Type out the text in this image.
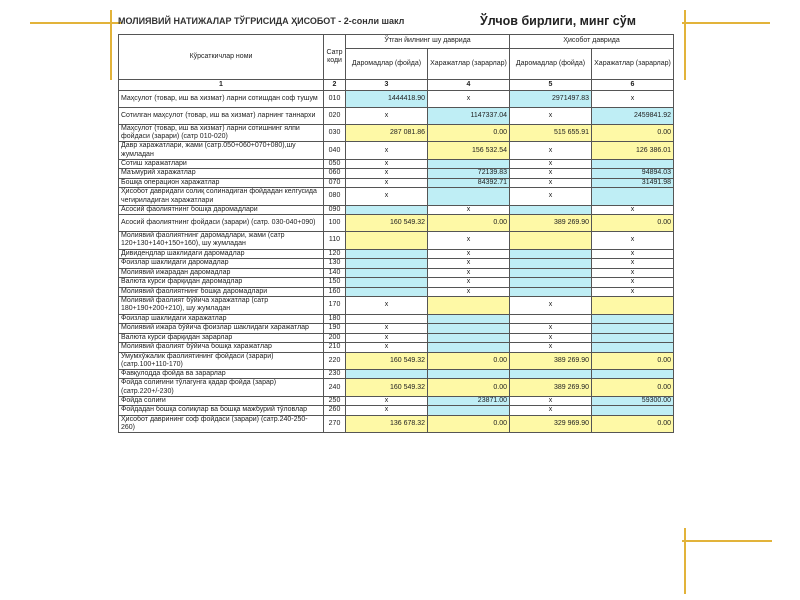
МОЛИЯВИЙ НАТИЖАЛАР ТЎГРИСИДА ҲИСОБОТ - 2-сонли шакл	Ўлчов бирлиги, минг сўм
Кўрсаткичлар номи	Сатр коди	Ўтган йилнинг шу даврида		Ҳисобот даврида	
		Даромадлар (фойда)	Харажатлар (зарарлар)	Даромадлар (фойда)	Харажатлар (зарарлар)
1	2	3	4	5	6
Маҳсулот (товар, иш ва хизмат) ларни сотишдан соф тушум	010	1444418.90	x	2971497.83	x
Сотилган маҳсулот (товар, иш ва хизмат) ларнинг таннархи	020	x	1147337.04	x	2459841.92
Маҳсулот (товар, иш ва хизмат) ларни сотишнинг ялпи фойдаси (зарари) (сатр 010-020)	030	287 081.86	0.00	515 655.91	0.00
Давр харажатлари, жами (сатр.050+060+070+080),шу жумладан	040	x	156 532.54	x	126 386.01
Сотиш харажатлари	050	x		x	
Маъмурий харажатлар	060	x	72139.83	x	94894.03
Бошқа операцион харажатлар	070	x	84392.71	x	31491.98
Ҳисобот давридаги солиқ солинадиган фойдадан келгусида чегириладиган харажатлари	080	x		x	
Асосий фаолиятнинг бошқа даромадлари	090		x		x
Асосий фаолиятнинг фойдаси (зарари) (сатр. 030-040+090)	100	160 549.32	0.00	389 269.90	0.00
Молиявий фаолиятнинг даромадлари, жами (сатр 120+130+140+150+160), шу жумладан	110		x		x
Дивидендлар шаклидаги даромадлар	120		x		x
Фоизлар шаклидаги даромадлар	130		x		x
Молиявий ижарадан даромадлар	140		x		x
Валюта курси фарқидан даромадлар	150		x		x
Молиявий фаолиятнинг бошқа даромадлари	160		x		x
Молиявий фаолият бўйича харажатлар (сатр 180+190+200+210), шу жумладан	170	x		x	
Фоизлар шаклидаги харажатлар	180				
Молиявий ижара бўйича фоизлар шаклидаги харажатлар	190	x		x	
Валюта курси фарқидан зарарлар	200	x		x	
Молиявий фаолият бўйича бошқа харажатлар	210	x		x	
Умумхўжалик фаолиятининг фойдаси (зарари) (сатр.100+110-170)	220	160 549.32	0.00	389 269.90	0.00
Фавқулодда фойда ва зарарлар	230				
Фойда солиғини тўлагунга қадар фойда (зарар) (сатр.220+/-230)	240	160 549.32	0.00	389 269.90	0.00
Фойда солиғи	250	x	23871.00	x	59300.00
Фойдадан бошқа солиқлар ва бошқа мажбурий тўловлар	260	x		x	
Ҳисобот даврининг соф фойдаси (зарари) (сатр.240-250-260)	270	136 678.32	0.00	329 969.90	0.00
